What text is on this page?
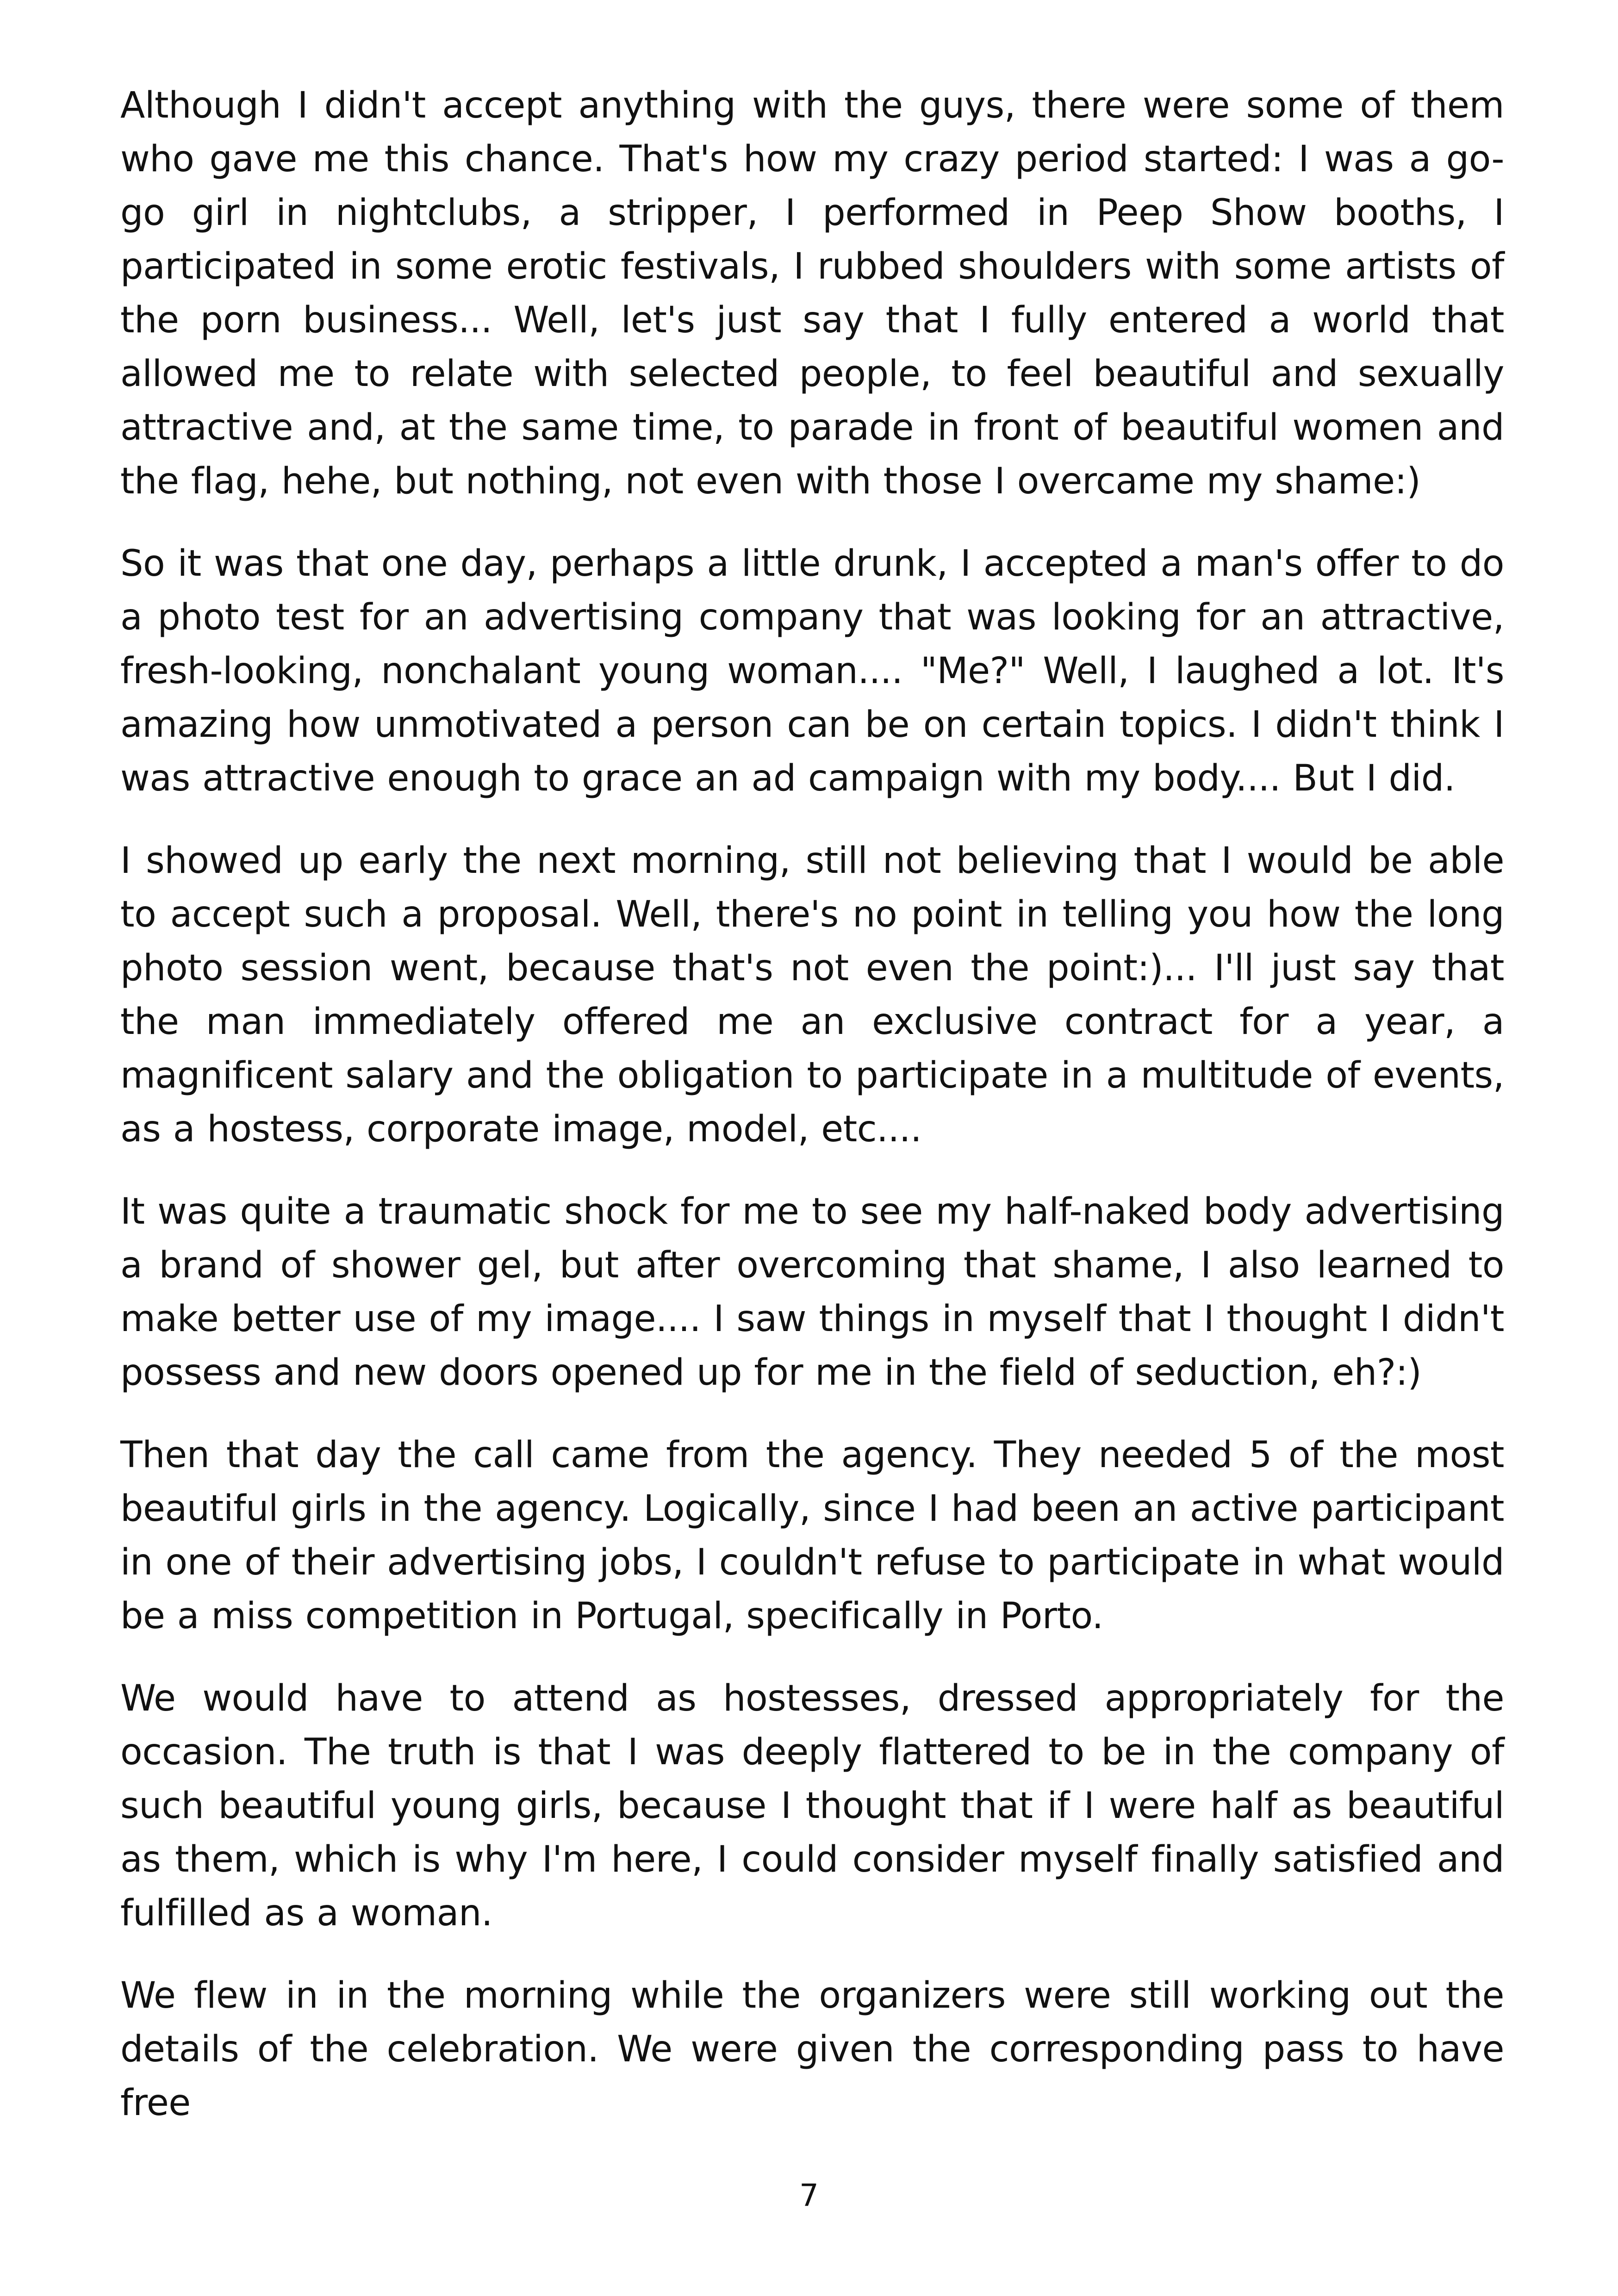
Although I didn't accept anything with the guys, there were some of them who gave me this chance. That's how my crazy period started: I was a go-go girl in nightclubs, a stripper, I performed in Peep Show booths, I participated in some erotic festivals, I rubbed shoulders with some artists of the porn business... Well, let's just say that I fully entered a world that allowed me to relate with selected people, to feel beautiful and sexually attractive and, at the same time, to parade in front of beautiful women and the flag, hehe, but nothing, not even with those I overcame my shame:)

So it was that one day, perhaps a little drunk, I accepted a man's offer to do a photo test for an advertising company that was looking for an attractive, fresh-looking, nonchalant young woman.... "Me?" Well, I laughed a lot. It's amazing how unmotivated a person can be on certain topics. I didn't think I was attractive enough to grace an ad campaign with my body.... But I did.

I showed up early the next morning, still not believing that I would be able to accept such a proposal. Well, there's no point in telling you how the long photo session went, because that's not even the point:)... I'll just say that the man immediately offered me an exclusive contract for a year, a magnificent salary and the obligation to participate in a multitude of events, as a hostess, corporate image, model, etc....

It was quite a traumatic shock for me to see my half-naked body advertising a brand of shower gel, but after overcoming that shame, I also learned to make better use of my image.... I saw things in myself that I thought I didn't possess and new doors opened up for me in the field of seduction, eh?:)

Then that day the call came from the agency. They needed 5 of the most beautiful girls in the agency. Logically, since I had been an active participant in one of their advertising jobs, I couldn't refuse to participate in what would be a miss competition in Portugal, specifically in Porto.

We would have to attend as hostesses, dressed appropriately for the occasion. The truth is that I was deeply flattered to be in the company of such beautiful young girls, because I thought that if I were half as beautiful as them, which is why I'm here, I could consider myself finally satisfied and fulfilled as a woman.

We flew in in the morning while the organizers were still working out the details of the celebration. We were given the corresponding pass to have free

7
